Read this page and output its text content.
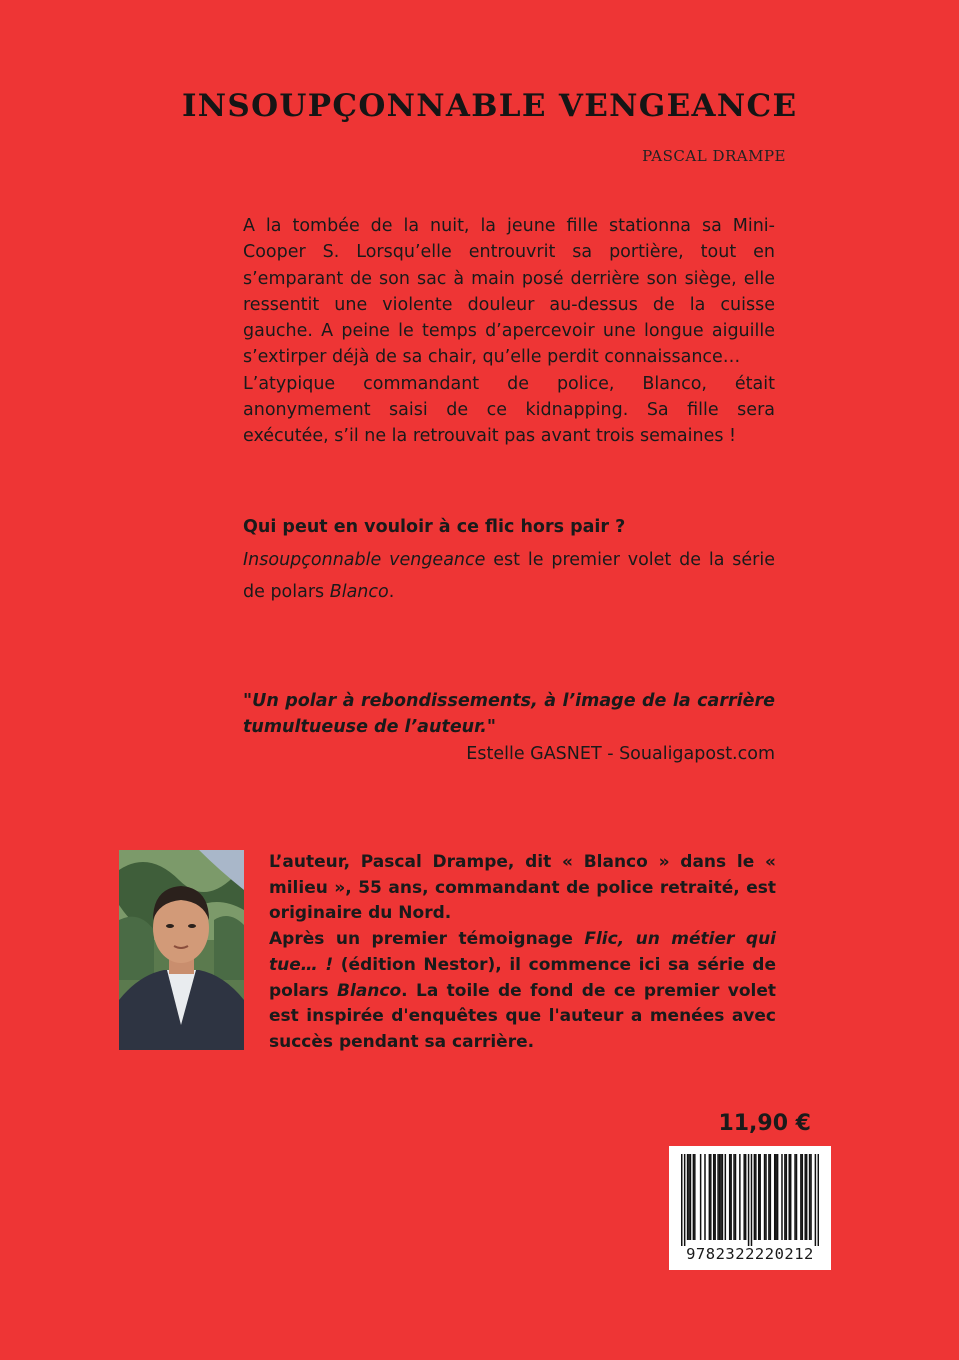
INSOUPÇONNABLE VENGEANCE
PASCAL DRAMPE

A la tombée de la nuit, la jeune fille stationna sa Mini-Cooper S. Lorsqu’elle entrouvrit sa portière, tout en s’emparant de son sac à main posé derrière son siège, elle ressentit une violente douleur au-dessus de la cuisse gauche. A peine le temps d’apercevoir une longue aiguille s’extirper déjà de sa chair, qu’elle perdit connaissance…

L’atypique commandant de police, Blanco, était anonymement saisi de ce kidnapping. Sa fille sera exécutée, s’il ne la retrouvait pas avant trois semaines !

Qui peut en vouloir à ce flic hors pair ?
Insoupçonnable vengeance est le premier volet de la série de polars Blanco.
"Un polar à rebondissements, à l’image de la carrière tumultueuse de l’auteur."
Estelle GASNET - Soualigapost.com

L’auteur, Pascal Drampe, dit « Blanco » dans le « milieu », 55 ans, commandant de police retraité, est originaire du Nord.

Après un premier témoignage Flic, un métier qui tue… ! (édition Nestor), il commence ici sa série de polars Blanco. La toile de fond de ce premier volet est inspirée d'enquêtes que l'auteur a menées avec succès pendant sa carrière.

11,90 €
9782322220212
